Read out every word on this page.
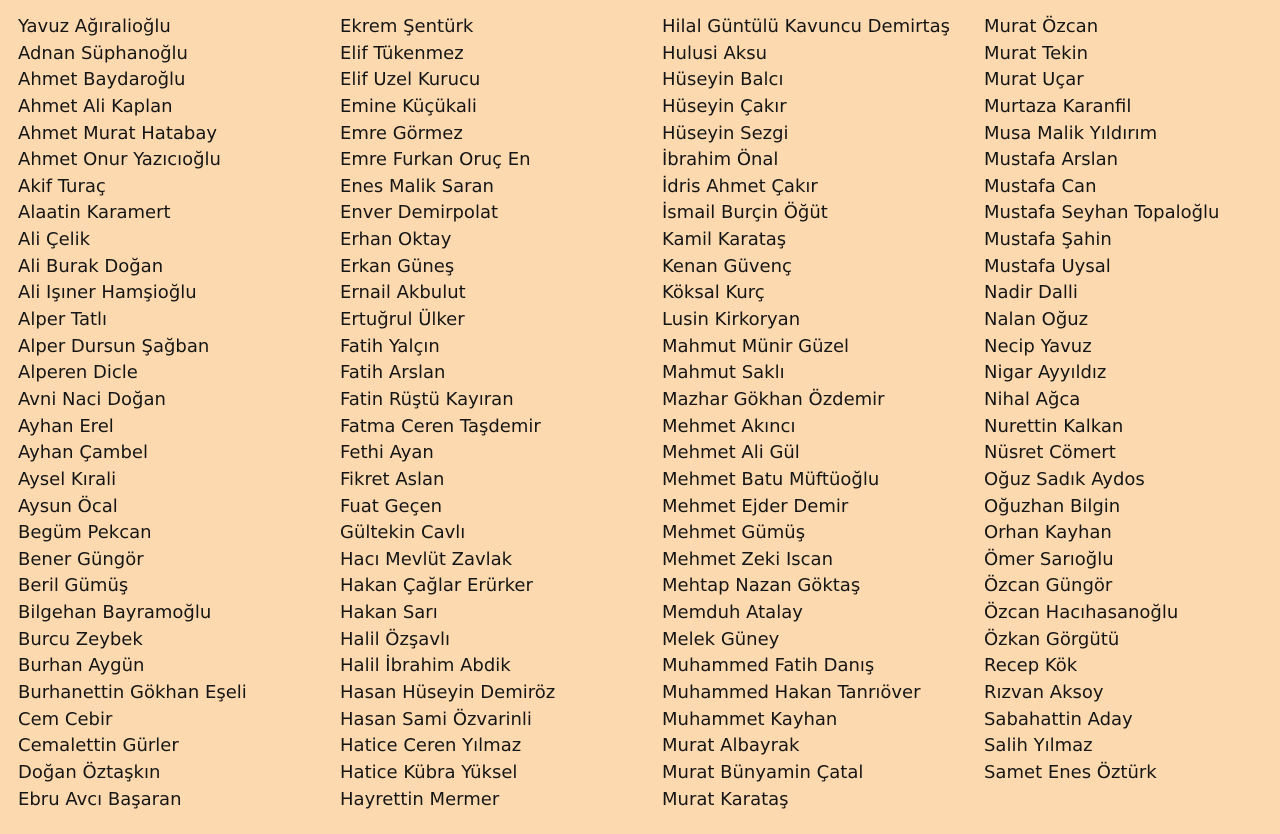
Yavuz Ağıralioğlu
Adnan Süphanoğlu
Ahmet Baydaroğlu
Ahmet Ali Kaplan
Ahmet Murat Hatabay
Ahmet Onur Yazıcıoğlu
Akif Turaç
Alaatin Karamert
Ali Çelik
Ali Burak Doğan
Ali Işıner Hamşioğlu
Alper Tatlı
Alper Dursun Şağban
Alperen Dicle
Avni Naci Doğan
Ayhan Erel
Ayhan Çambel
Aysel Kırali
Aysun Öcal
Begüm Pekcan
Bener Güngör
Beril Gümüş
Bilgehan Bayramoğlu
Burcu Zeybek
Burhan Aygün
Burhanettin Gökhan Eşeli
Cem Cebir
Cemalettin Gürler
Doğan Öztaşkın
Ebru Avcı Başaran
Ekrem Şentürk
Elif Tükenmez
Elif Uzel Kurucu
Emine Küçükali
Emre Görmez
Emre Furkan Oruç En
Enes Malik Saran
Enver Demirpolat
Erhan Oktay
Erkan Güneş
Ernail Akbulut
Ertuğrul Ülker
Fatih Yalçın
Fatih Arslan
Fatin Rüştü Kayıran
Fatma Ceren Taşdemir
Fethi Ayan
Fikret Aslan
Fuat Geçen
Gültekin Cavlı
Hacı Mevlüt Zavlak
Hakan Çağlar Erürker
Hakan Sarı
Halil Özşavlı
Halil İbrahim Abdik
Hasan Hüseyin Demiröz
Hasan Sami Özvarinli
Hatice Ceren Yılmaz
Hatice Kübra Yüksel
Hayrettin Mermer
Hilal Güntülü Kavuncu Demirtaş
Hulusi Aksu
Hüseyin Balcı
Hüseyin Çakır
Hüseyin Sezgi
İbrahim Önal
İdris Ahmet Çakır
İsmail Burçin Öğüt
Kamil Karataş
Kenan Güvenç
Köksal Kurç
Lusin Kirkoryan
Mahmut Münir Güzel
Mahmut Saklı
Mazhar Gökhan Özdemir
Mehmet Akıncı
Mehmet Ali Gül
Mehmet Batu Müftüoğlu
Mehmet Ejder Demir
Mehmet Gümüş
Mehmet Zeki Iscan
Mehtap Nazan Göktaş
Memduh Atalay
Melek Güney
Muhammed Fatih Danış
Muhammed Hakan Tanrıöver
Muhammet Kayhan
Murat Albayrak
Murat Bünyamin Çatal
Murat Karataş
Murat Özcan
Murat Tekin
Murat Uçar
Murtaza Karanfil
Musa Malik Yıldırım
Mustafa Arslan
Mustafa Can
Mustafa Seyhan Topaloğlu
Mustafa Şahin
Mustafa Uysal
Nadir Dalli
Nalan Oğuz
Necip Yavuz
Nigar Ayyıldız
Nihal Ağca
Nurettin Kalkan
Nüsret Cömert
Oğuz Sadık Aydos
Oğuzhan Bilgin
Orhan Kayhan
Ömer Sarıoğlu
Özcan Güngör
Özcan Hacıhasanoğlu
Özkan Görgütü
Recep Kök
Rızvan Aksoy
Sabahattin Aday
Salih Yılmaz
Samet Enes Öztürk
